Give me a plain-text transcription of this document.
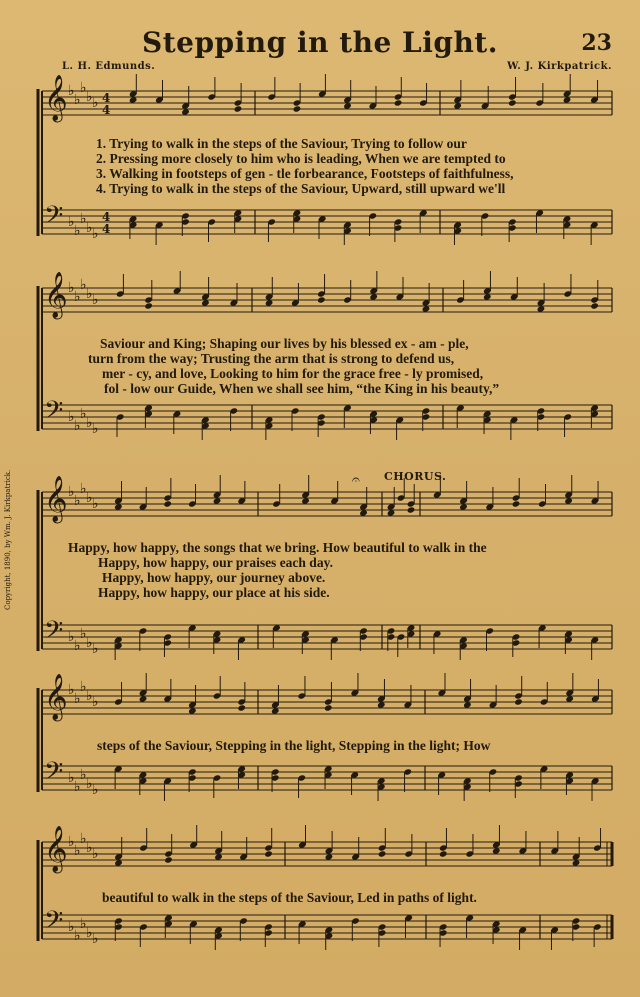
Stepping in the Light.	23
L. H. Edmunds.	W. J. Kirkpatrick.
Copyright, 1890, by Wm. J. Kirkpatrick.	CHORUS.
𝄞
𝄢
♭
♭
♭
♭ ♭
♭
♭
♭
♭ ♭
4
4
4
4
𝄞
𝄢
♭
♭
♭
♭ ♭
♭
♭
♭
♭ ♭
𝄞
𝄢
♭
♭
♭
♭ ♭
♭
♭
♭
♭ ♭
𝄞
𝄢
♭
♭
♭
♭ ♭
♭
♭
♭
♭ ♭
𝄞
𝄢
♭
♭
♭
♭ ♭
♭
♭
♭
♭ ♭
𝄐
1. Trying to walk in the steps of the Saviour, Trying to follow our
2. Pressing more closely to him who is leading, When we are tempted to
3. Walking in footsteps of gen - tle forbearance, Footsteps of faithfulness,
4. Trying to walk in the steps of the Saviour, Upward, still upward we'll
Saviour and King; Shaping our lives by his blessed ex - am - ple,
turn from the way; Trusting the arm that is strong to defend us,
mer - cy, and love, Looking to him for the grace free - ly promised,
fol - low our Guide, When we shall see him, “the King in his beauty,”
Happy, how happy, the songs that we bring. How beautiful to walk in the
Happy, how happy, our praises each day.
Happy, how happy, our journey above.
Happy, how happy, our place at his side.
steps of the Saviour, Stepping in the light, Stepping in the light; How
beautiful to walk in the steps of the Saviour, Led in paths of light.
